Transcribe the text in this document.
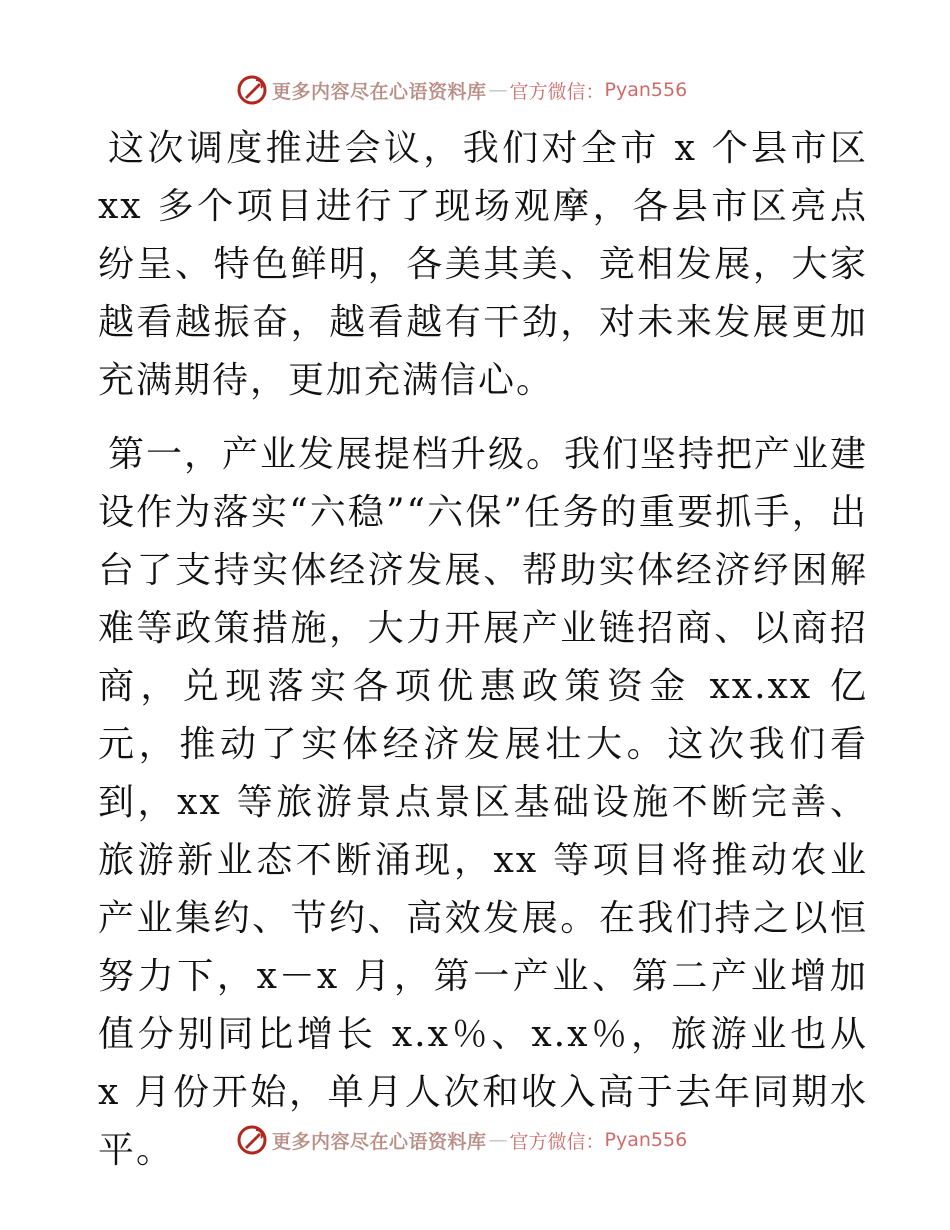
更多内容尽在心语资料库 — 官方微信： Pyan556

这次调度推进会议，我们对全市 x 个县市区 xx 多个项目进行了现场观摩，各县市区亮点纷呈、特色鲜明，各美其美、竞相发展，大家越看越振奋，越看越有干劲，对未来发展更加充满期待，更加充满信心。

第一，产业发展提档升级。我们坚持把产业建设作为落实“六稳”“六保”任务的重要抓手，出台了支持实体经济发展、帮助实体经济纾困解难等政策措施，大力开展产业链招商、以商招商，兑现落实各项优惠政策资金 xx.xx 亿元，推动了实体经济发展壮大。这次我们看到，xx 等旅游景点景区基础设施不断完善、旅游新业态不断涌现，xx 等项目将推动农业产业集约、节约、高效发展。在我们持之以恒努力下，x－x 月，第一产业、第二产业增加值分别同比增长 x.x％、x.x％，旅游业也从 x 月份开始，单月人次和收入高于去年同期水平。	更多内容尽在心语资料库 — 官方微信： Pyan556
